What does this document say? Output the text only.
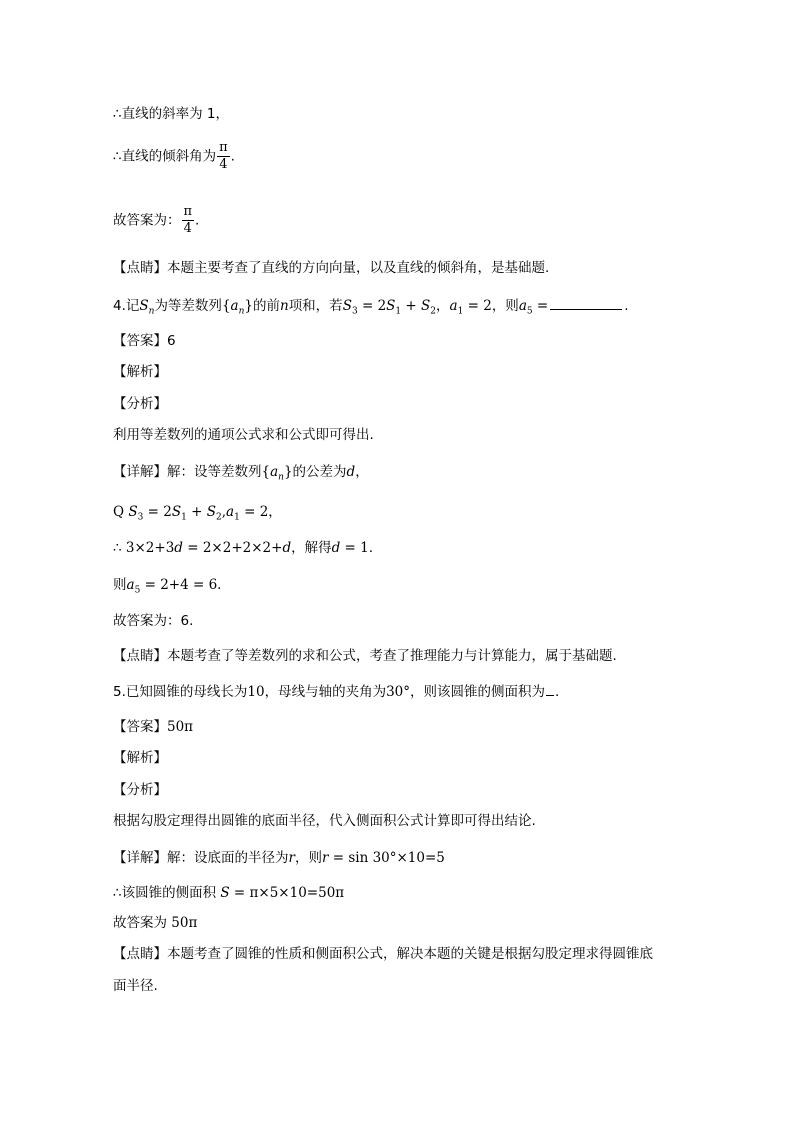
∴直线的斜率为 1，
∴直线的倾斜角为 $\frac{\pi}{4}$ .
故答案为： $\frac{\pi}{4}$ .
【点睛】本题主要考查了直线的方向向量，以及直线的倾斜角，是基础题.
4.记$S_n$为等差数列$\{a_n\}$的前n项和，若$S_3 = 2S_1 + S_2$，$a_1 = 2$，则$a_5$ =	.
【答案】6
【解析】
【分析】
利用等差数列的通项公式求和公式即可得出.
【详解】解：设等差数列$\{a_n\}$的公差为d，
Q $S_3 = 2S_1 + S_2,a_1 = 2$，
∴ 3×2+3d = 2×2+2×2+d，解得d = 1.
则$a_5 = 2+4 = 6$.
故答案为：6.
【点睛】本题考查了等差数列的求和公式，考查了推理能力与计算能力，属于基础题.
5.已知圆锥的母线长为10，母线与轴的夹角为30°，则该圆锥的侧面积为 .
【答案】50π
【解析】
【分析】
根据勾股定理得出圆锥的底面半径，代入侧面积公式计算即可得出结论.
【详解】解：设底面的半径为r，则r = sin 30°×10=5
∴该圆锥的侧面积 S = π×5×10=50π
故答案为 50π
【点睛】本题考查了圆锥的性质和侧面积公式，解决本题的关键是根据勾股定理求得圆锥底
面半径.
